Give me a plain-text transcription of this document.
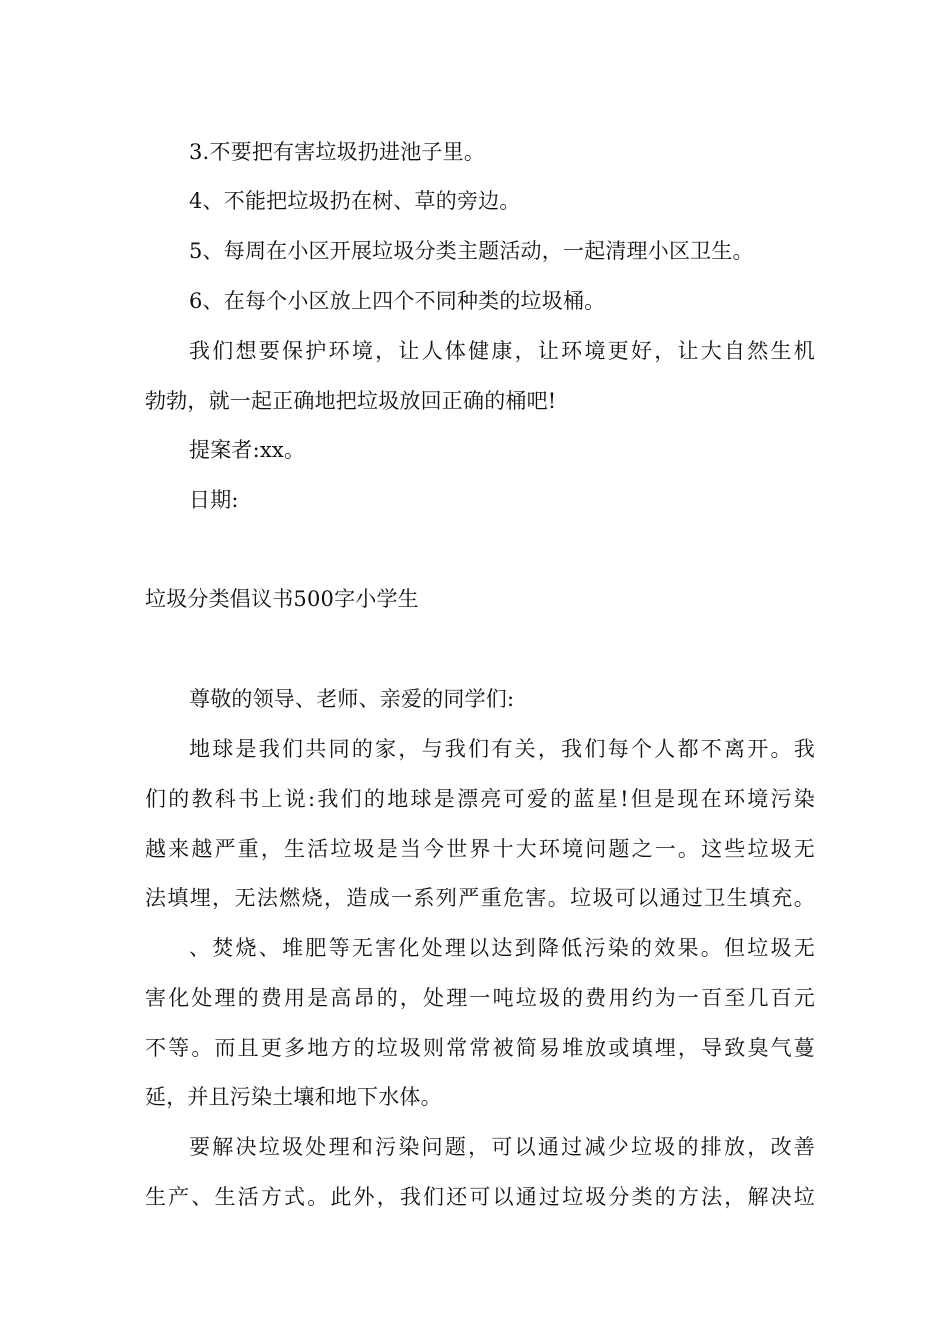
3.不要把有害垃圾扔进池子里。
4、不能把垃圾扔在树、草的旁边。
5、每周在小区开展垃圾分类主题活动，一起清理小区卫生。
6、在每个小区放上四个不同种类的垃圾桶。
我们想要保护环境，让人体健康，让环境更好，让大自然生机
勃勃，就一起正确地把垃圾放回正确的桶吧!
提案者:xx。
日期:
垃圾分类倡议书500字小学生
尊敬的领导、老师、亲爱的同学们:
地球是我们共同的家，与我们有关，我们每个人都不离开。我
们的教科书上说:我们的地球是漂亮可爱的蓝星!但是现在环境污染
越来越严重，生活垃圾是当今世界十大环境问题之一。这些垃圾无
法填埋，无法燃烧，造成一系列严重危害。垃圾可以通过卫生填充。
、焚烧、堆肥等无害化处理以达到降低污染的效果。但垃圾无
害化处理的费用是高昂的，处理一吨垃圾的费用约为一百至几百元
不等。而且更多地方的垃圾则常常被简易堆放或填埋，导致臭气蔓
延，并且污染土壤和地下水体。
要解决垃圾处理和污染问题，可以通过减少垃圾的排放，改善
生产、生活方式。此外，我们还可以通过垃圾分类的方法，解决垃
